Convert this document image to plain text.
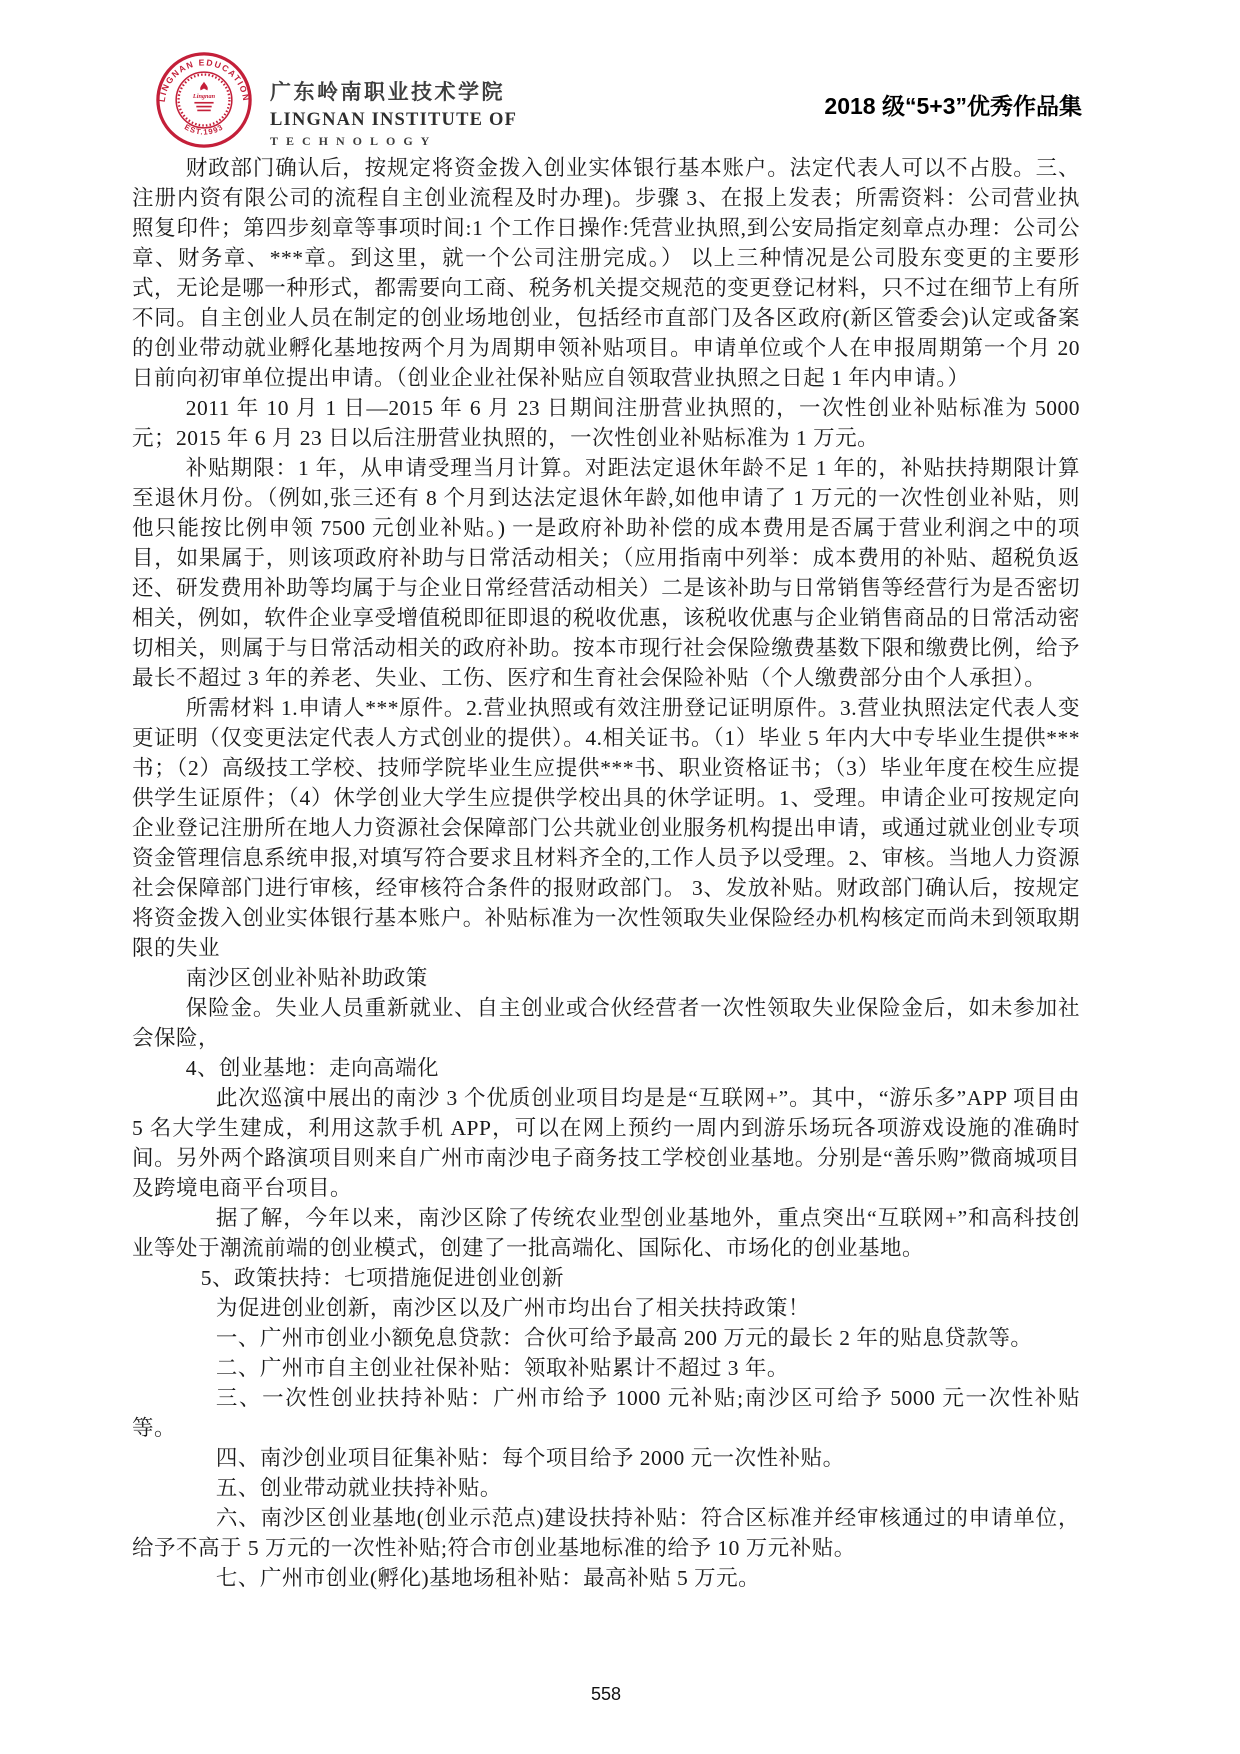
LINGNAN EDUCATION
EST.1993
Lingnan	广东岭南职业技术学院
LINGNAN INSTITUTE OF
TECHNOLOGY
2018 级“5+3”优秀作品集

财政部门确认后，按规定将资金拨入创业实体银行基本账户。法定代表人可以不占股。三、注册内资有限公司的流程自主创业流程及时办理)。步骤 3、在报上发表；所需资料：公司营业执照复印件；第四步刻章等事项时间:1 个工作日操作:凭营业执照,到公安局指定刻章点办理：公司公章、财务章、***章。到这里，就一个公司注册完成。） 以上三种情况是公司股东变更的主要形式，无论是哪一种形式，都需要向工商、税务机关提交规范的变更登记材料，只不过在细节上有所不同。自主创业人员在制定的创业场地创业，包括经市直部门及各区政府(新区管委会)认定或备案的创业带动就业孵化基地按两个月为周期申领补贴项目。申请单位或个人在申报周期第一个月 20 日前向初审单位提出申请。（创业企业社保补贴应自领取营业执照之日起 1 年内申请。）

2011 年 10 月 1 日—2015 年 6 月 23 日期间注册营业执照的，一次性创业补贴标准为 5000 元；2015 年 6 月 23 日以后注册营业执照的，一次性创业补贴标准为 1 万元。

补贴期限：1 年，从申请受理当月计算。对距法定退休年龄不足 1 年的，补贴扶持期限计算至退休月份。（例如,张三还有 8 个月到达法定退休年龄,如他申请了 1 万元的一次性创业补贴，则他只能按比例申领 7500 元创业补贴。) 一是政府补助补偿的成本费用是否属于营业利润之中的项目，如果属于，则该项政府补助与日常活动相关；（应用指南中列举：成本费用的补贴、超税负返还、研发费用补助等均属于与企业日常经营活动相关）二是该补助与日常销售等经营行为是否密切相关，例如，软件企业享受增值税即征即退的税收优惠，该税收优惠与企业销售商品的日常活动密切相关，则属于与日常活动相关的政府补助。按本市现行社会保险缴费基数下限和缴费比例，给予最长不超过 3 年的养老、失业、工伤、医疗和生育社会保险补贴（个人缴费部分由个人承担）。

所需材料 1.申请人***原件。2.营业执照或有效注册登记证明原件。3.营业执照法定代表人变更证明（仅变更法定代表人方式创业的提供）。4.相关证书。（1）毕业 5 年内大中专毕业生提供***书；（2）高级技工学校、技师学院毕业生应提供***书、职业资格证书；（3）毕业年度在校生应提供学生证原件；（4）休学创业大学生应提供学校出具的休学证明。1、受理。申请企业可按规定向企业登记注册所在地人力资源社会保障部门公共就业创业服务机构提出申请，或通过就业创业专项资金管理信息系统申报,对填写符合要求且材料齐全的,工作人员予以受理。2、审核。当地人力资源社会保障部门进行审核，经审核符合条件的报财政部门。 3、发放补贴。财政部门确认后，按规定将资金拨入创业实体银行基本账户。补贴标准为一次性领取失业保险经办机构核定而尚未到领取期限的失业

南沙区创业补贴补助政策

保险金。失业人员重新就业、自主创业或合伙经营者一次性领取失业保险金后，如未参加社会保险，

4、创业基地：走向高端化

此次巡演中展出的南沙 3 个优质创业项目均是是“互联网+”。其中，“游乐多”APP 项目由 5 名大学生建成，利用这款手机 APP，可以在网上预约一周内到游乐场玩各项游戏设施的准确时间。另外两个路演项目则来自广州市南沙电子商务技工学校创业基地。分别是“善乐购”微商城项目及跨境电商平台项目。

据了解，今年以来，南沙区除了传统农业型创业基地外，重点突出“互联网+”和高科技创业等处于潮流前端的创业模式，创建了一批高端化、国际化、市场化的创业基地。

5、政策扶持：七项措施促进创业创新

为促进创业创新，南沙区以及广州市均出台了相关扶持政策！

一、广州市创业小额免息贷款：合伙可给予最高 200 万元的最长 2 年的贴息贷款等。

二、广州市自主创业社保补贴：领取补贴累计不超过 3 年。

三、一次性创业扶持补贴：广州市给予 1000 元补贴;南沙区可给予 5000 元一次性补贴等。

四、南沙创业项目征集补贴：每个项目给予 2000 元一次性补贴。

五、创业带动就业扶持补贴。

六、南沙区创业基地(创业示范点)建设扶持补贴：符合区标准并经审核通过的申请单位，给予不高于 5 万元的一次性补贴;符合市创业基地标准的给予 10 万元补贴。

七、广州市创业(孵化)基地场租补贴：最高补贴 5 万元。

558
